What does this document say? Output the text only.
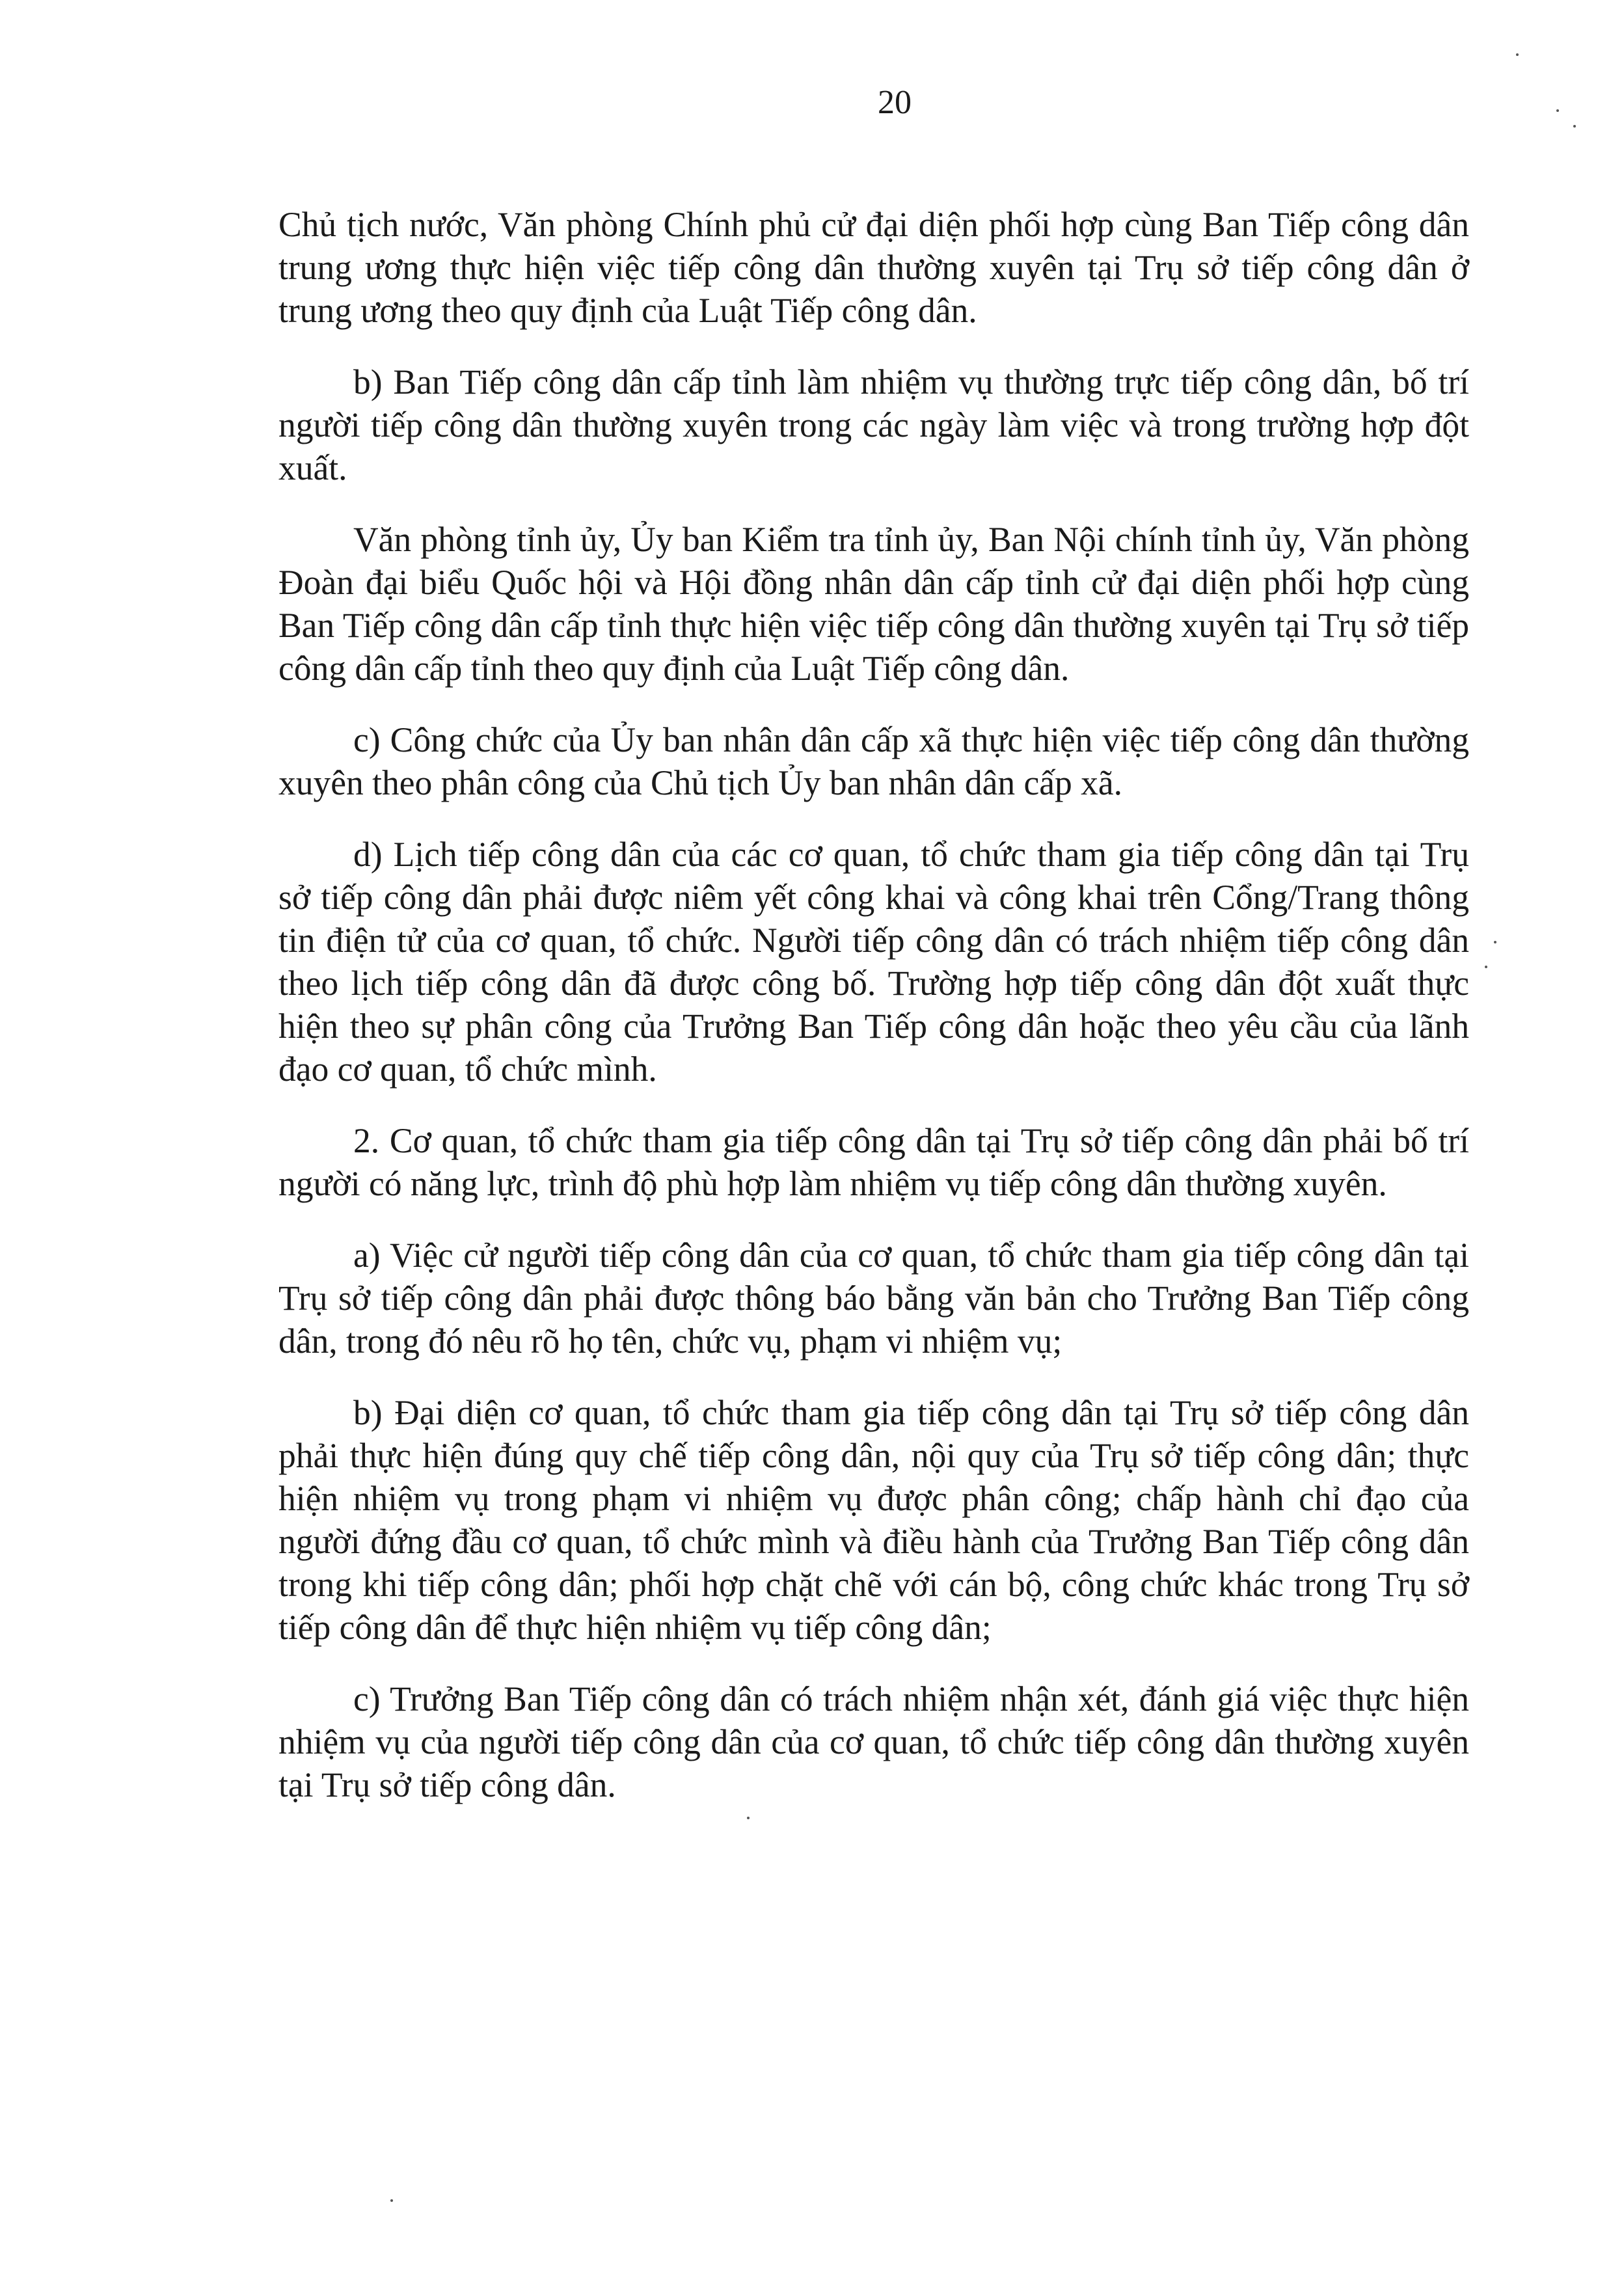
20

Chủ tịch nước, Văn phòng Chính phủ cử đại diện phối hợp cùng Ban Tiếp công dân trung ương thực hiện việc tiếp công dân thường xuyên tại Trụ sở tiếp công dân ở trung ương theo quy định của Luật Tiếp công dân.

b) Ban Tiếp công dân cấp tỉnh làm nhiệm vụ thường trực tiếp công dân, bố trí người tiếp công dân thường xuyên trong các ngày làm việc và trong trường hợp đột xuất.

Văn phòng tỉnh ủy, Ủy ban Kiểm tra tỉnh ủy, Ban Nội chính tỉnh ủy, Văn phòng Đoàn đại biểu Quốc hội và Hội đồng nhân dân cấp tỉnh cử đại diện phối hợp cùng Ban Tiếp công dân cấp tỉnh thực hiện việc tiếp công dân thường xuyên tại Trụ sở tiếp công dân cấp tỉnh theo quy định của Luật Tiếp công dân.

c) Công chức của Ủy ban nhân dân cấp xã thực hiện việc tiếp công dân thường xuyên theo phân công của Chủ tịch Ủy ban nhân dân cấp xã.

d) Lịch tiếp công dân của các cơ quan, tổ chức tham gia tiếp công dân tại Trụ sở tiếp công dân phải được niêm yết công khai và công khai trên Cổng/Trang thông tin điện tử của cơ quan, tổ chức. Người tiếp công dân có trách nhiệm tiếp công dân theo lịch tiếp công dân đã được công bố. Trường hợp tiếp công dân đột xuất thực hiện theo sự phân công của Trưởng Ban Tiếp công dân hoặc theo yêu cầu của lãnh đạo cơ quan, tổ chức mình.

2. Cơ quan, tổ chức tham gia tiếp công dân tại Trụ sở tiếp công dân phải bố trí người có năng lực, trình độ phù hợp làm nhiệm vụ tiếp công dân thường xuyên.

a) Việc cử người tiếp công dân của cơ quan, tổ chức tham gia tiếp công dân tại Trụ sở tiếp công dân phải được thông báo bằng văn bản cho Trưởng Ban Tiếp công dân, trong đó nêu rõ họ tên, chức vụ, phạm vi nhiệm vụ;

b) Đại diện cơ quan, tổ chức tham gia tiếp công dân tại Trụ sở tiếp công dân phải thực hiện đúng quy chế tiếp công dân, nội quy của Trụ sở tiếp công dân; thực hiện nhiệm vụ trong phạm vi nhiệm vụ được phân công; chấp hành chỉ đạo của người đứng đầu cơ quan, tổ chức mình và điều hành của Trưởng Ban Tiếp công dân trong khi tiếp công dân; phối hợp chặt chẽ với cán bộ, công chức khác trong Trụ sở tiếp công dân để thực hiện nhiệm vụ tiếp công dân;

c) Trưởng Ban Tiếp công dân có trách nhiệm nhận xét, đánh giá việc thực hiện nhiệm vụ của người tiếp công dân của cơ quan, tổ chức tiếp công dân thường xuyên tại Trụ sở tiếp công dân.
